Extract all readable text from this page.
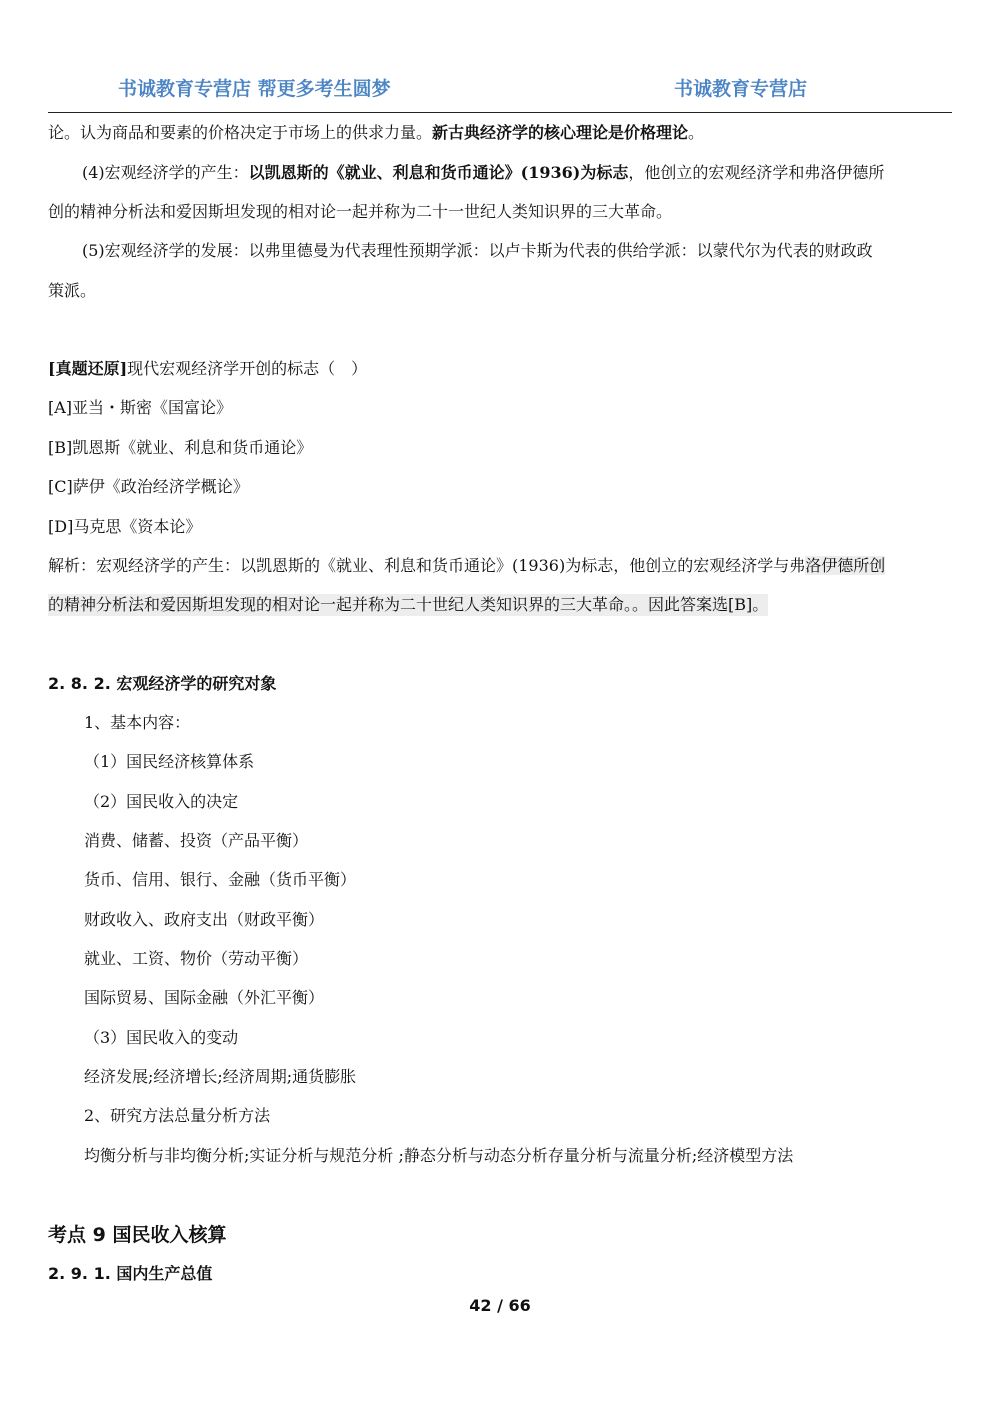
书诚教育专营店 帮更多考生圆梦	书诚教育专营店
论。认为商品和要素的价格决定于市场上的供求力量。新古典经济学的核心理论是价格理论。
(4)宏观经济学的产生：以凯恩斯的《就业、利息和货币通论》(1936)为标志，他创立的宏观经济学和弗洛伊德所
创的精神分析法和爱因斯坦发现的相对论一起并称为二十一世纪人类知识界的三大革命。
(5)宏观经济学的发展：以弗里德曼为代表理性预期学派：以卢卡斯为代表的供给学派：以蒙代尔为代表的财政政
策派。
[真题还原]现代宏观经济学开创的标志（　）
[A]亚当・斯密《国富论》
[B]凯恩斯《就业、利息和货币通论》
[C]萨伊《政治经济学概论》
[D]马克思《资本论》
解析：宏观经济学的产生：以凯恩斯的《就业、利息和货币通论》(1936)为标志，他创立的宏观经济学与弗洛伊德所创
的精神分析法和爱因斯坦发现的相对论一起并称为二十世纪人类知识界的三大革命。。因此答案选[B]。
2. 8. 2. 宏观经济学的研究对象
1、基本内容：
（1）国民经济核算体系
（2）国民收入的决定
消费、储蓄、投资（产品平衡）
货币、信用、银行、金融（货币平衡）
财政收入、政府支出（财政平衡）
就业、工资、物价（劳动平衡）
国际贸易、国际金融（外汇平衡）
（3）国民收入的变动
经济发展;经济增长;经济周期;通货膨胀
2、研究方法总量分析方法
均衡分析与非均衡分析;实证分析与规范分析 ;静态分析与动态分析存量分析与流量分析;经济模型方法
考点 9 国民收入核算
2. 9. 1. 国内生产总值
42 / 66
